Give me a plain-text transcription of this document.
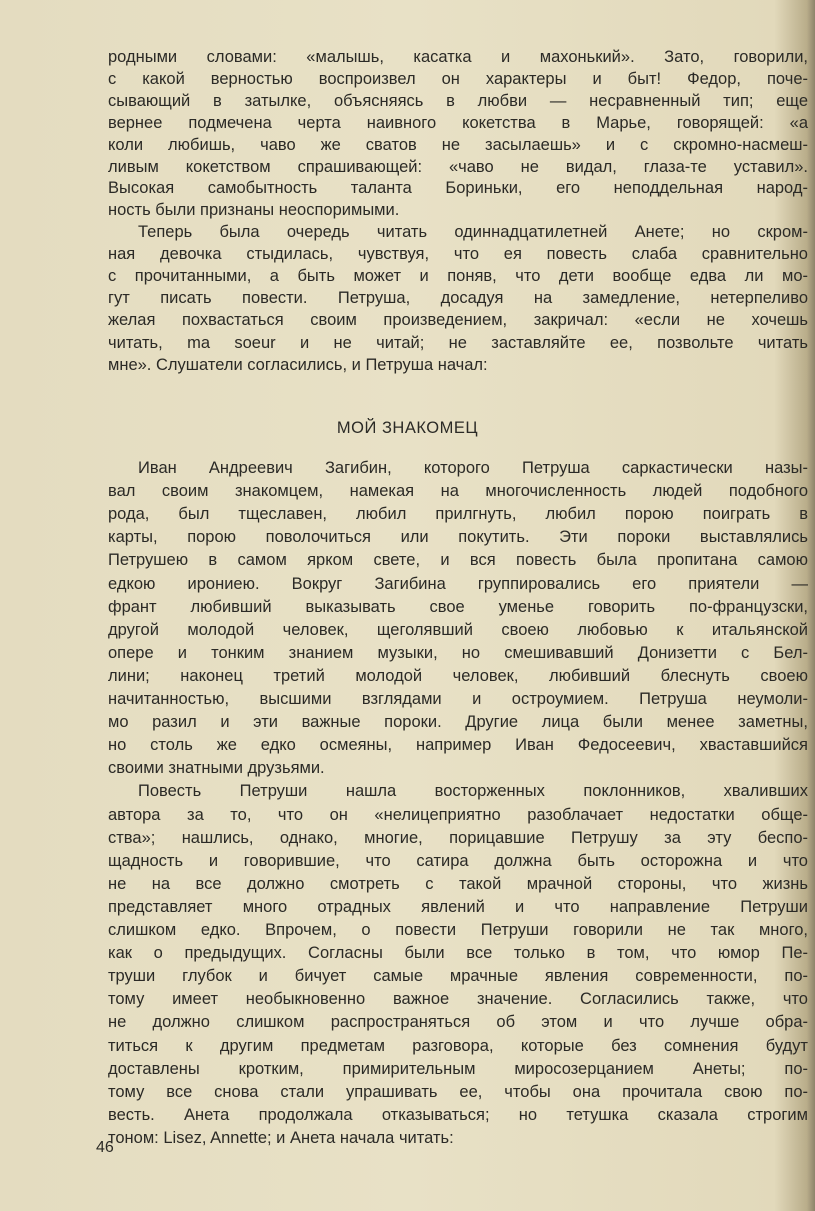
МОЙ ЗНАКОМЕЦ
46
родными словами: «малышь, касатка и махонький». Зато, говорили,
с какой верностью воспроизвел он характеры и быт! Федор, поче-
сывающий в затылке, объясняясь в любви — несравненный тип; еще
вернее подмечена черта наивного кокетства в Марье, говорящей: «а
коли любишь, чаво же сватов не засылаешь» и с скромно-насмеш-
ливым кокетством спрашивающей: «чаво не видал, глаза-те уставил».
Высокая самобытность таланта Бориньки, его неподдельная народ-
ность были признаны неоспоримыми.
Теперь была очередь читать одиннадцатилетней Анете; но скром-
ная девочка стыдилась, чувствуя, что ея повесть слаба сравнительно
с прочитанными, а быть может и поняв, что дети вообще едва ли мо-
гут писать повести. Петруша, досадуя на замедление, нетерпеливо
желая похвастаться своим произведением, закричал: «если не хочешь
читать, ma soeur и не читай; не заставляйте ее, позвольте читать
мне». Слушатели согласились, и Петруша начал:
Иван Андреевич Загибин, которого Петруша саркастически назы-
вал своим знакомцем, намекая на многочисленность людей подобного
рода, был тщеславен, любил прилгнуть, любил порою поиграть в
карты, порою поволочиться или покутить. Эти пороки выставлялись
Петрушею в самом ярком свете, и вся повесть была пропитана самою
едкою ирониею. Вокруг Загибина группировались его приятели —
франт любивший выказывать свое уменье говорить по-французски,
другой молодой человек, щеголявший своею любовью к итальянской
опере и тонким знанием музыки, но смешивавший Донизетти с Бел-
лини; наконец третий молодой человек, любивший блеснуть своею
начитанностью, высшими взглядами и остроумием. Петруша неумоли-
мо разил и эти важные пороки. Другие лица были менее заметны,
но столь же едко осмеяны, например Иван Федосеевич, хваставшийся
своими знатными друзьями.
Повесть Петруши нашла восторженных поклонников, хваливших
автора за то, что он «нелицеприятно разоблачает недостатки обще-
ства»; нашлись, однако, многие, порицавшие Петрушу за эту беспо-
щадность и говорившие, что сатира должна быть осторожна и что
не на все должно смотреть с такой мрачной стороны, что жизнь
представляет много отрадных явлений и что направление Петруши
слишком едко. Впрочем, о повести Петруши говорили не так много,
как о предыдущих. Согласны были все только в том, что юмор Пе-
труши глубок и бичует самые мрачные явления современности, по-
тому имеет необыкновенно важное значение. Согласились также, что
не должно слишком распространяться об этом и что лучше обра-
титься к другим предметам разговора, которые без сомнения будут
доставлены кротким, примирительным миросозерцанием Анеты; по-
тому все снова стали упрашивать ее, чтобы она прочитала свою по-
весть. Анета продолжала отказываться; но тетушка сказала строгим
тоном: Lisez, Annette; и Анета начала читать:
